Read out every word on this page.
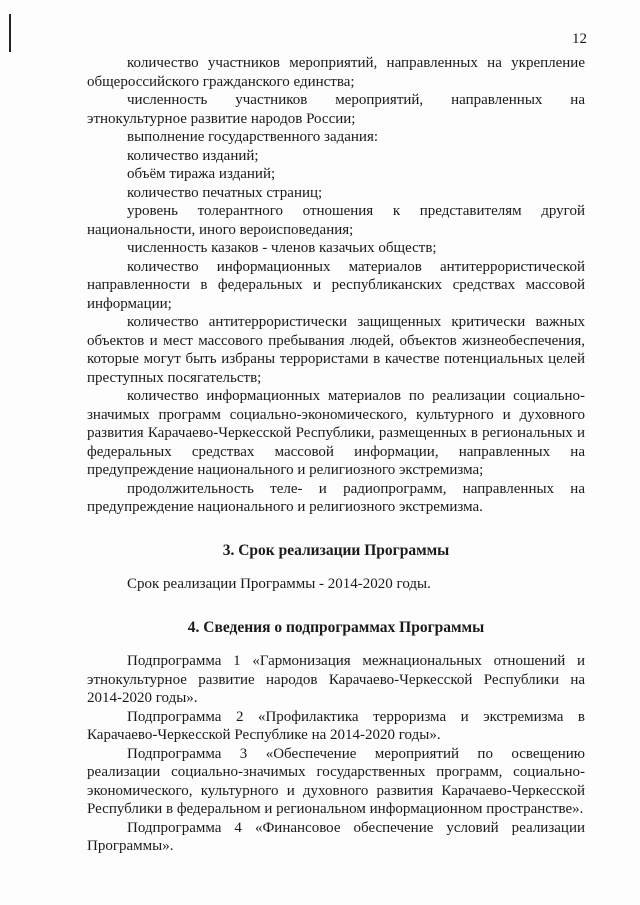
12

количество участников мероприятий, направленных на укрепление общероссийского гражданского единства;

численность участников мероприятий, направленных на этнокультурное развитие народов России;

выполнение государственного задания:

количество изданий;

объём тиража изданий;

количество печатных страниц;

уровень толерантного отношения к представителям другой национальности, иного вероисповедания;

численность казаков - членов казачьих обществ;

количество информационных материалов антитеррористической направленности в федеральных и республиканских средствах массовой информации;

количество антитеррористически защищенных критически важных объектов и мест массового пребывания людей, объектов жизнеобеспечения, которые могут быть избраны террористами в качестве потенциальных целей преступных посягательств;

количество информационных материалов по реализации социально-значимых программ социально-экономического, культурного и духовного развития Карачаево-Черкесской Республики, размещенных в региональных и федеральных средствах массовой информации, направленных на предупреждение национального и религиозного экстремизма;

продолжительность теле- и радиопрограмм, направленных на предупреждение национального и религиозного экстремизма.

3. Срок реализации Программы

Срок реализации Программы - 2014-2020 годы.

4. Сведения о подпрограммах Программы

Подпрограмма 1 «Гармонизация межнациональных отношений и этнокультурное развитие народов Карачаево-Черкесской Республики на 2014-2020 годы».

Подпрограмма 2 «Профилактика терроризма и экстремизма в Карачаево-Черкесской Республике на 2014-2020 годы».

Подпрограмма 3 «Обеспечение мероприятий по освещению реализации социально-значимых государственных программ, социально-экономического, культурного и духовного развития Карачаево-Черкесской Республики в федеральном и региональном информационном пространстве».

Подпрограмма 4 «Финансовое обеспечение условий реализации Программы».
